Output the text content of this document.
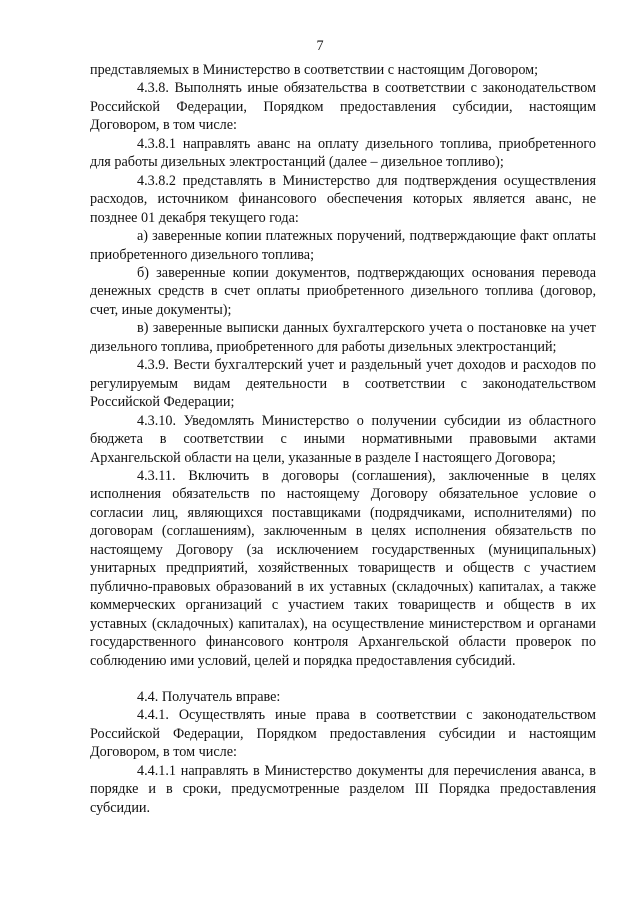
7

представляемых в Министерство в соответствии с настоящим Договором;

4.3.8. Выполнять иные обязательства в соответствии с законодательством Российской Федерации, Порядком предоставления субсидии, настоящим Договором, в том числе:

4.3.8.1 направлять аванс на оплату дизельного топлива, приобретенного для работы дизельных электростанций (далее – дизельное топливо);

4.3.8.2 представлять в Министерство для подтверждения осуществления расходов, источником финансового обеспечения которых является аванс, не позднее 01 декабря текущего года:

а) заверенные копии платежных поручений, подтверждающие факт оплаты приобретенного дизельного топлива;

б) заверенные копии документов, подтверждающих основания перевода денежных средств в счет оплаты приобретенного дизельного топлива (договор, счет, иные документы);

в) заверенные выписки данных бухгалтерского учета о постановке на учет дизельного топлива, приобретенного для работы дизельных электростанций;

4.3.9. Вести бухгалтерский учет и раздельный учет доходов и расходов по регулируемым видам деятельности в соответствии с законодательством Российской Федерации;

4.3.10. Уведомлять Министерство о получении субсидии из областного бюджета в соответствии с иными нормативными правовыми актами Архангельской области на цели, указанные в разделе I настоящего Договора;

4.3.11. Включить в договоры (соглашения), заключенные в целях исполнения обязательств по настоящему Договору обязательное условие о согласии лиц, являющихся поставщиками (подрядчиками, исполнителями) по договорам (соглашениям), заключенным в целях исполнения обязательств по настоящему Договору (за исключением государственных (муниципальных) унитарных предприятий, хозяйственных товариществ и обществ с участием публично-правовых образований в их уставных (складочных) капиталах, а также коммерческих организаций с участием таких товариществ и обществ в их уставных (складочных) капиталах), на осуществление министерством и органами государственного финансового контроля Архангельской области проверок по соблюдению ими условий, целей и порядка предоставления субсидий.

4.4. Получатель вправе:

4.4.1. Осуществлять иные права в соответствии с законодательством Российской Федерации, Порядком предоставления субсидии и настоящим Договором, в том числе:

4.4.1.1 направлять в Министерство документы для перечисления аванса, в порядке и в сроки, предусмотренные разделом III Порядка предоставления субсидии.
